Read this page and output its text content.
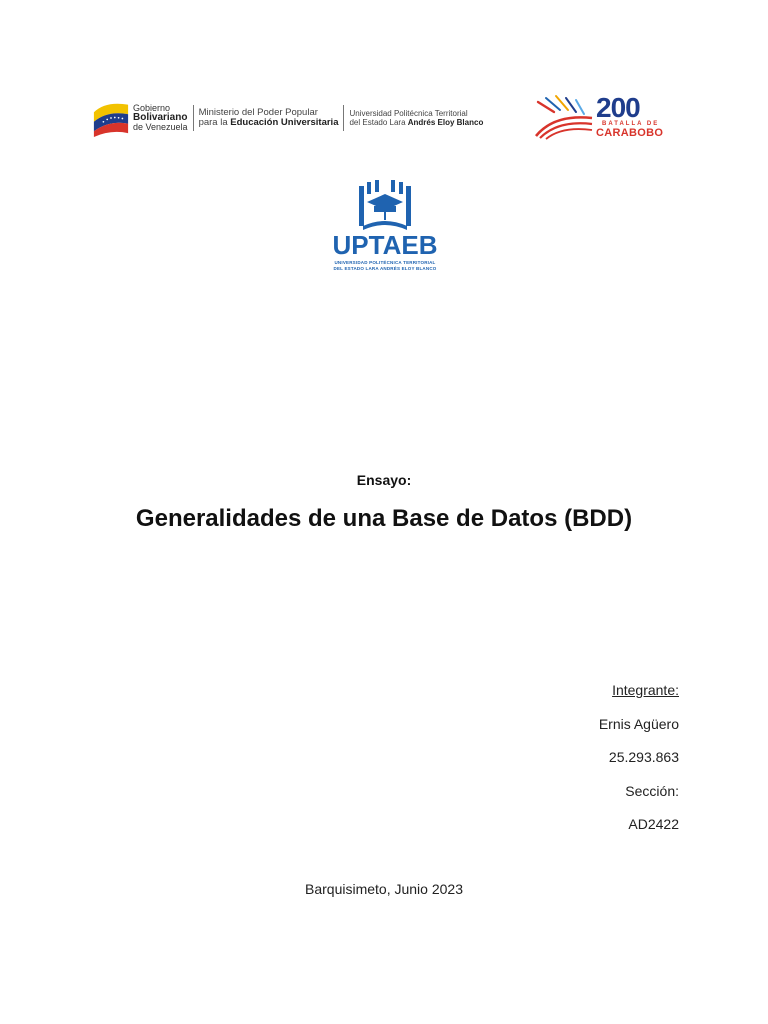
Gobierno
Bolivariano
de Venezuela
Ministerio del Poder Popular
para la Educación Universitaria
Universidad Politécnica Territorial
del Estado Lara Andrés Eloy Blanco	200
BATALLA DE
CARABOBO
UPTAEB
UNIVERSIDAD POLITÉCNICA TERRITORIAL
DEL ESTADO LARA ANDRÉS ELOY BLANCO
Ensayo:
Generalidades de una Base de Datos (BDD)
Integrante:
Ernis Agüero
25.293.863
Sección:
AD2422
Barquisimeto, Junio 2023
